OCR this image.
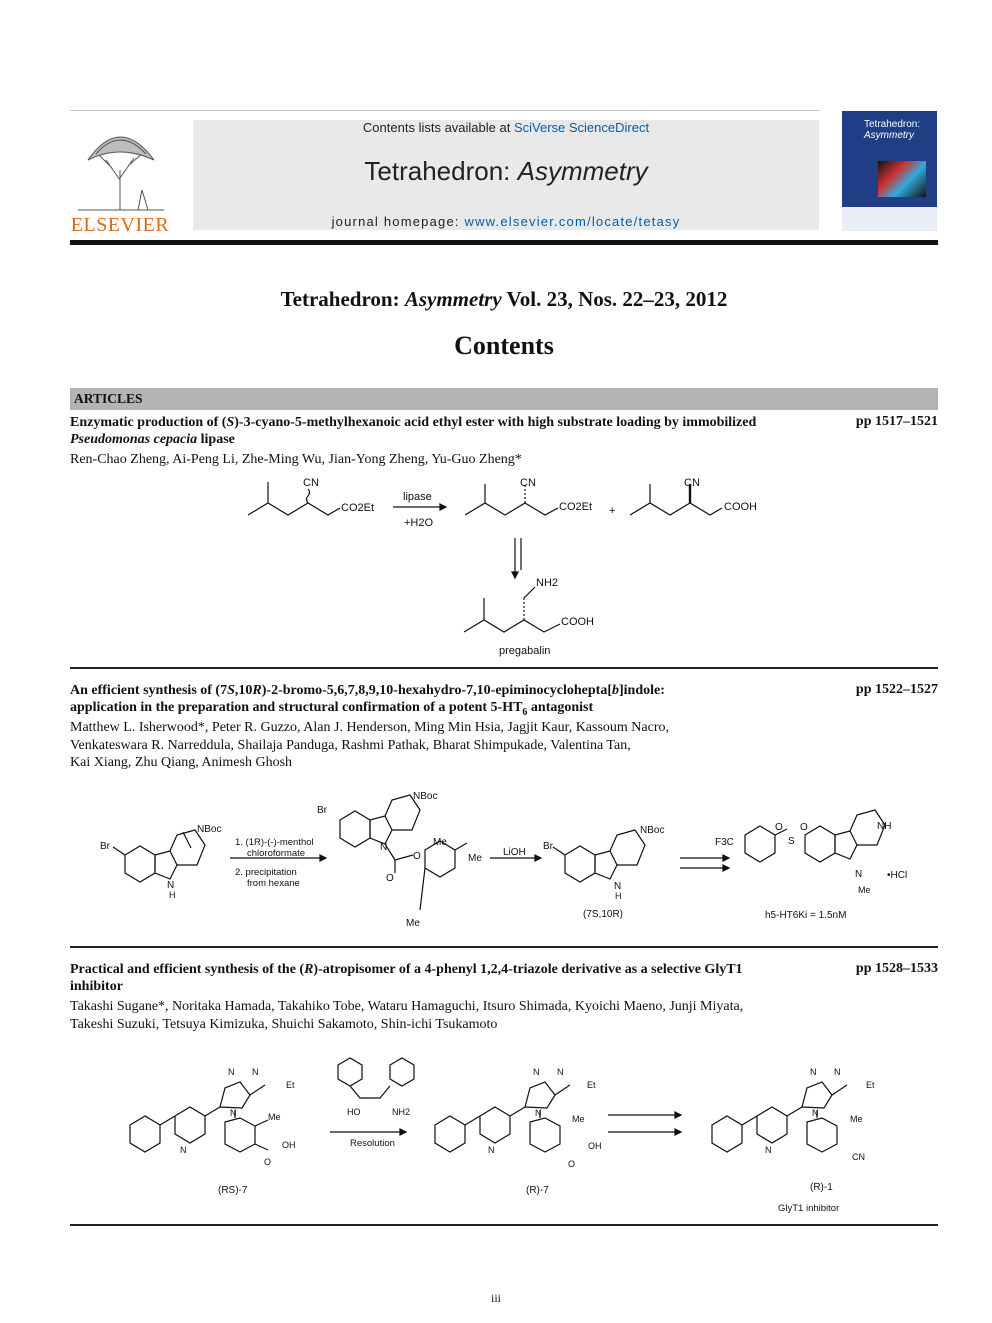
ELSEVIER
Contents lists available at SciVerse ScienceDirect
Tetrahedron: Asymmetry
journal homepage: www.elsevier.com/locate/tetasy
Tetrahedron:
Asymmetry
Tetrahedron: Asymmetry Vol. 23, Nos. 22–23, 2012
Contents
ARTICLES
Enzymatic production of (S)-3-cyano-5-methylhexanoic acid ethyl ester with high substrate loading by immobilized
Pseudomonas cepacia lipase
pp 1517–1521
Ren-Chao Zheng, Ai-Peng Li, Zhe-Ming Wu, Jian-Yong Zheng, Yu-Guo Zheng*
CN
CO2Et
lipase
+H2O
CN
CO2Et +
CN
COOH
NH2
COOH
pregabalin
An efficient synthesis of (7S,10R)-2-bromo-5,6,7,8,9,10-hexahydro-7,10-epiminocyclohepta[b]indole:
application in the preparation and structural confirmation of a potent $5-HT_6$ antagonist
pp 1522–1527
Matthew L. Isherwood*, Peter R. Guzzo, Alan J. Henderson, Ming Min Hsia, Jagjit Kaur, Kassoum Nacro,
Venkateswara R. Narreddula, Shailaja Panduga, Rashmi Pathak, Bharat Shimpukade, Valentina Tan,
Kai Xiang, Zhu Qiang, Animesh Ghosh
Br
NBoc
N
H
1. (1R)-(-)-menthol
chloroformate
2. precipitation
from hexane
Br
NBoc
N
O
O
Me
Me
Me
LiOH
Br
NBoc
N
H
(7S,10R)
F3C	S
O O	NH
N
Me
•HCl
h5-HT6Ki = 1.5nM
Practical and efficient synthesis of the (R)-atropisomer of a 4-phenyl 1,2,4-triazole derivative as a selective GlyT1
inhibitor
pp 1528–1533
Takashi Sugane*, Noritaka Hamada, Takahiko Tobe, Wataru Hamaguchi, Itsuro Shimada, Kyoichi Maeno, Junji Miyata,
Takeshi Suzuki, Tetsuya Kimizuka, Shuichi Sakamoto, Shin-ichi Tsukamoto
N N
Et
N
N
Me
OH
O
(RS)-7
HO	NH2
Resolution
N N
Et
N
N
Me
OH
O
(R)-7
N N
Et
N
N
Me
CN
(R)-1
GlyT1 inhibitor
iii
